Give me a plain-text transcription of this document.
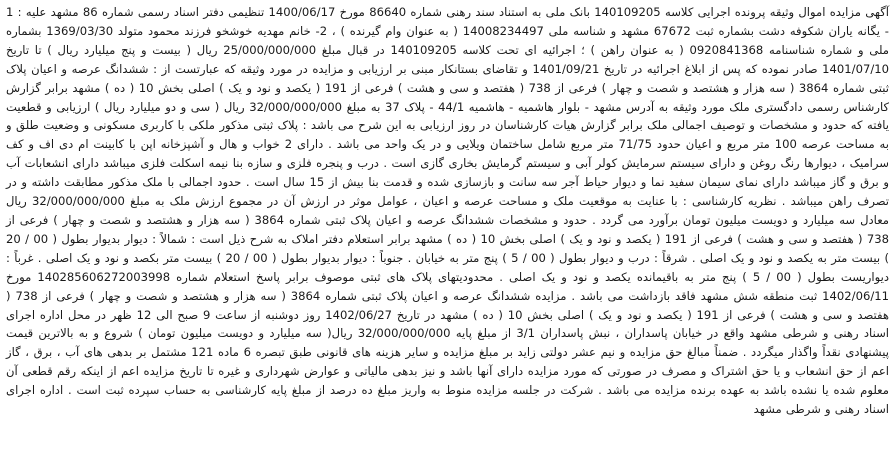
آگهی مزایده اموال وثیقه پرونده اجرایی کلاسه 140109205 بانک ملی به استناد سند رهنی شماره 86640 مورخ 1400/06/17 تنظیمی دفتر اسناد رسمی شماره 86 مشهد علیه : 1 - یگانه یاران شکوفه دشت بشماره ثبت 67672 مشهد و شناسه ملی 14008234497 ( به عنوان وام گیرنده ) ، 2- خانم مهدیه خوشخو فرزند محمود متولد 1369/03/30 بشماره ملی و شماره شناسنامه 0920841368 ( به عنوان راهن ) ؛ اجرائیه ای تحت کلاسه 140109205 در قبال مبلغ 25/000/000/000 ریال ( بیست و پنج میلیارد ریال ) تا تاریخ 1401/07/10 صادر نموده که پس از ابلاغ اجرائیه در تاریخ 1401/09/21 و تقاضای بستانکار مبنی بر ارزیابی و مزایده در مورد وثیقه که عبارتست از : ششدانگ عرصه و اعیان پلاک ثبتی شماره 3864 ( سه هزار و هشتصد و شصت و چهار ) فرعی از 738 ( هفتصد و سی و هشت ) فرعی از 191 ( یکصد و نود و یک ) اصلی بخش 10 ( ده ) مشهد برابر گزارش کارشناس رسمی دادگستری ملک مورد وثیقه به آدرس مشهد - بلوار هاشمیه - هاشمیه 44/1 - پلاک 37 به مبلغ 32/000/000/000 ریال ( سی و دو میلیارد ریال ) ارزیابی و قطعیت یافته که حدود و مشخصات و توصیف اجمالی ملک برابر گزارش هیات کارشناسان در روز ارزیابی به این شرح می باشد : پلاک ثبتی مذکور ملکی با کاربری مسکونی و وضعیت طلق و به مساحت عرصه 100 متر مربع و اعیان حدود 71/75 متر مربع شامل ساختمان ویلایی و در یک واحد می باشد . دارای 2 خواب و هال و آشپزخانه اپن با کابینت ام دی اف و کف سرامیک ، دیوارها رنگ روغن و دارای سیستم سرمایش کولر آبی و سیستم گرمایش بخاری گازی است . درب و پنجره فلزی و سازه بنا نیمه اسکلت فلزی میباشد دارای انشعابات آب و برق و گاز میباشد دارای نمای سیمان سفید نما و دیوار حیاط آجر سه سانت و بازسازی شده و قدمت بنا بیش از 15 سال است . حدود اجمالی با ملک مذکور مطابقت داشته و در تصرف راهن میباشد . نظریه کارشناسی : با عنایت به موقعیت ملک و مساحت عرصه و اعیان ، عوامل موثر در ارزش آن در مجموع ارزش ملک به مبلغ 32/000/000/000 ریال معادل سه میلیارد و دویست میلیون تومان برآورد می گردد . حدود و مشخصات ششدانگ عرصه و اعیان پلاک ثبتی شماره 3864 ( سه هزار و هشتصد و شصت و چهار ) فرعی از 738 ( هفتصد و سی و هشت ) فرعی از 191 ( یکصد و نود و یک ) اصلی بخش 10 ( ده ) مشهد برابر استعلام دفتر املاک به شرح ذیل است : شمالاً : دیوار بدیوار بطول ( 00 / 20 ) بیست متر به یکصد و نود و یک اصلی . شرقاً : درب و دیوار بطول ( 00 / 5 ) پنج متر به خیابان . جنوباً : دیوار بدیوار بطول ( 00 / 20 ) بیست متر بکصد و نود و یک اصلی . غرباً : دیواریست بطول ( 00 / 5 ) پنج متر به باقیمانده یکصد و نود و یک اصلی . محدودیتهای پلاک های ثبتی موصوف برابر پاسخ استعلام شماره 140285606272003998 مورخ 1402/06/11 ثبت منطقه شش مشهد فاقد بازداشت می باشد . مزایده ششدانگ عرصه و اعیان پلاک ثبتی شماره 3864 ( سه هزار و هشتصد و شصت و چهار ) فرعی از 738 ( هفتصد و سی و هشت ) فرعی از 191 ( یکصد و نود و یک ) اصلی بخش 10 ( ده ) مشهد در تاریخ 1402/06/27 روز دوشنبه از ساعت 9 صبح الی 12 ظهر در محل اداره اجرای اسناد رهنی و شرطی مشهد واقع در خیابان پاسداران ، نبش پاسداران 3/1 از مبلغ پایه 32/000/000/000 ریال( سه میلیارد و دویست میلیون تومان ) شروع و به بالاترین قیمت پیشنهادی نقداً واگذار میگردد . ضمناً مبالغ حق مزایده و نیم عشر دولتی زاید بر مبلغ مزایده و سایر هزینه های قانونی طبق تبصره 6 ماده 121 مشتمل بر بدهی های آب ، برق ، گاز اعم از حق انشعاب و یا حق اشتراک و مصرف در صورتی که مورد مزایده دارای آنها باشد و نیز بدهی مالیاتی و عوارض شهرداری و غیره تا تاریخ مزایده اعم از اینکه رقم قطعی آن معلوم شده یا نشده باشد به عهده برنده مزایده می باشد . شرکت در جلسه مزایده منوط به واریز مبلغ ده درصد از مبلغ پایه کارشناسی به حساب سپرده ثبت است . اداره اجرای اسناد رهنی و شرطی مشهد
